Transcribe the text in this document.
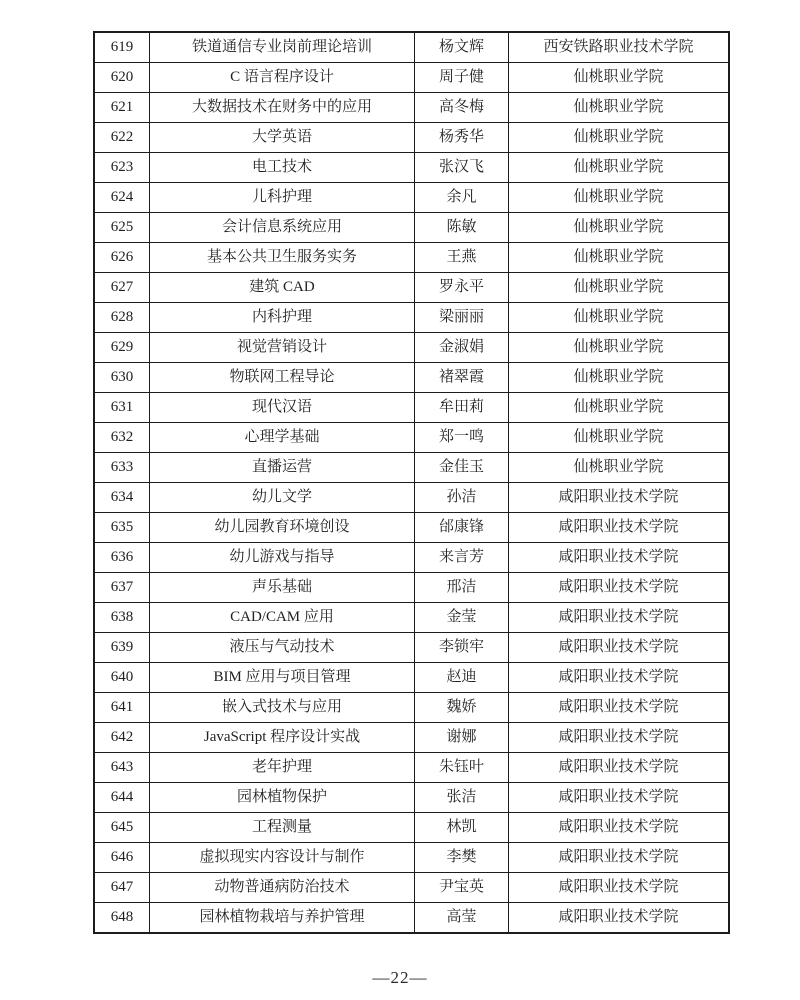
619	铁道通信专业岗前理论培训	杨文辉	西安铁路职业技术学院
620	C 语言程序设计	周子健	仙桃职业学院
621	大数据技术在财务中的应用	高冬梅	仙桃职业学院
622	大学英语	杨秀华	仙桃职业学院
623	电工技术	张汉飞	仙桃职业学院
624	儿科护理	余凡	仙桃职业学院
625	会计信息系统应用	陈敏	仙桃职业学院
626	基本公共卫生服务实务	王燕	仙桃职业学院
627	建筑 CAD	罗永平	仙桃职业学院
628	内科护理	梁丽丽	仙桃职业学院
629	视觉营销设计	金淑娟	仙桃职业学院
630	物联网工程导论	褚翠霞	仙桃职业学院
631	现代汉语	牟田莉	仙桃职业学院
632	心理学基础	郑一鸣	仙桃职业学院
633	直播运营	金佳玉	仙桃职业学院
634	幼儿文学	孙洁	咸阳职业技术学院
635	幼儿园教育环境创设	邰康锋	咸阳职业技术学院
636	幼儿游戏与指导	来言芳	咸阳职业技术学院
637	声乐基础	邢洁	咸阳职业技术学院
638	CAD/CAM 应用	金莹	咸阳职业技术学院
639	液压与气动技术	李锁牢	咸阳职业技术学院
640	BIM 应用与项目管理	赵迪	咸阳职业技术学院
641	嵌入式技术与应用	魏娇	咸阳职业技术学院
642	JavaScript 程序设计实战	谢娜	咸阳职业技术学院
643	老年护理	朱钰叶	咸阳职业技术学院
644	园林植物保护	张洁	咸阳职业技术学院
645	工程测量	林凯	咸阳职业技术学院
646	虚拟现实内容设计与制作	李樊	咸阳职业技术学院
647	动物普通病防治技术	尹宝英	咸阳职业技术学院
648	园林植物栽培与养护管理	高莹	咸阳职业技术学院
—22—
